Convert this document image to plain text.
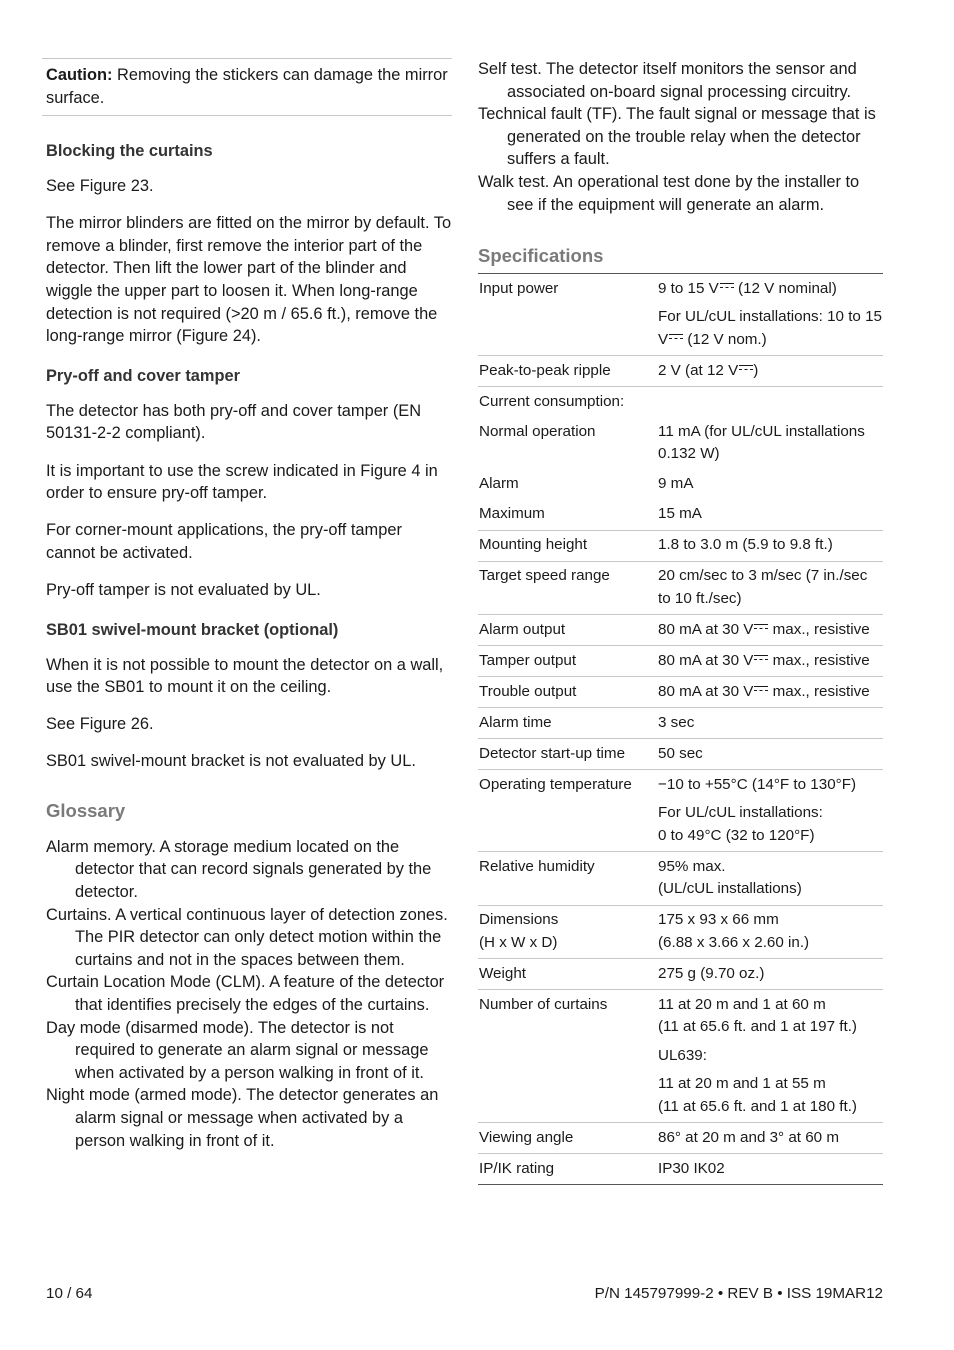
Caution: Removing the stickers can damage the mirror surface.
Blocking the curtains

See Figure 23.

The mirror blinders are fitted on the mirror by default. To remove a blinder, first remove the interior part of the detector. Then lift the lower part of the blinder and wiggle the upper part to loosen it. When long-range detection is not required (>20 m / 65.6 ft.), remove the long-range mirror (Figure 24).

Pry-off and cover tamper

The detector has both pry-off and cover tamper (EN 50131-2-2 compliant).

It is important to use the screw indicated in Figure 4 in order to ensure pry-off tamper.

For corner-mount applications, the pry-off tamper cannot be activated.

Pry-off tamper is not evaluated by UL.

SB01 swivel-mount bracket (optional)

When it is not possible to mount the detector on a wall, use the SB01 to mount it on the ceiling.

See Figure 26.

SB01 swivel-mount bracket is not evaluated by UL.

Glossary

Alarm memory. A storage medium located on the detector that can record signals generated by the detector.

Curtains. A vertical continuous layer of detection zones. The PIR detector can only detect motion within the curtains and not in the spaces between them.

Curtain Location Mode (CLM). A feature of the detector that identifies precisely the edges of the curtains.

Day mode (disarmed mode). The detector is not required to generate an alarm signal or message when activated by a person walking in front of it.

Night mode (armed mode). The detector generates an alarm signal or message when activated by a person walking in front of it.

Self test. The detector itself monitors the sensor and associated on-board signal processing circuitry.

Technical fault (TF). The fault signal or message that is generated on the trouble relay when the detector suffers a fault.

Walk test. An operational test done by the installer to see if the equipment will generate an alarm.

Specifications
Input power	9 to 15 V (12 V nominal)
For UL/cUL installations: 10 to 15 V (12 V nom.)

Peak-to-peak ripple	2 V (at 12 V )
Current consumption:	
Normal operation	11 mA (for UL/cUL installations 0.132 W)
Alarm	9 mA
Maximum	15 mA
Mounting height	1.8 to 3.0 m (5.9 to 9.8 ft.)
Target speed range	20 cm/sec to 3 m/sec (7 in./sec to 10 ft./sec)
Alarm output	80 mA at 30 V max., resistive
Tamper output	80 mA at 30 V max., resistive
Trouble output	80 mA at 30 V max., resistive
Alarm time	3 sec
Detector start-up time	50 sec
Operating temperature	−10 to +55°C (14°F to 130°F)
For UL/cUL installations:
0 to 49°C (32 to 120°F)

Relative humidity	95% max.
(UL/cUL installations)
Dimensions
(H x W x D)	175 x 93 x 66 mm
(6.88 x 3.66 x 2.60 in.)
Weight	275 g (9.70 oz.)
Number of curtains	11 at 20 m and 1 at 60 m
(11 at 65.6 ft. and 1 at 197 ft.)
UL639:
11 at 20 m and 1 at 55 m
(11 at 65.6 ft. and 1 at 180 ft.)

Viewing angle	86° at 20 m and 3° at 60 m
IP/IK rating	IP30 IK02
10 / 64	P/N 145797999-2 • REV B • ISS 19MAR12
